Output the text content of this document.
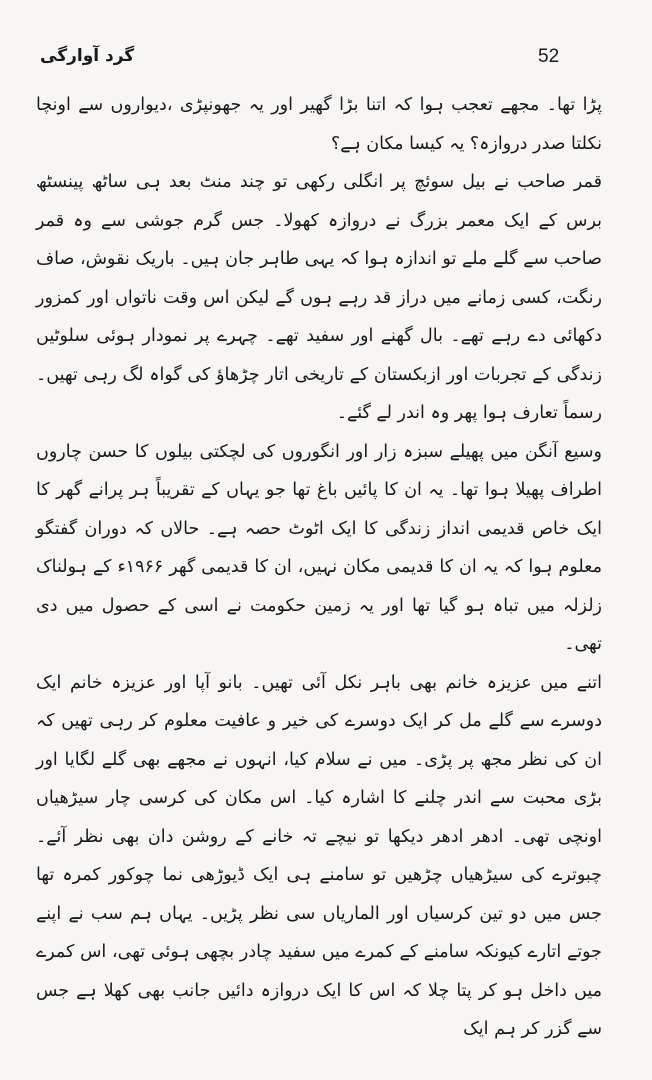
52
گرد آوارگی

پڑا تھا۔ مجھے تعجب ہوا کہ اتنا بڑا گھیر اور یہ جھونپڑی ،دیواروں سے اونچا نکلتا صدر دروازہ؟ یہ کیسا مکان ہے؟

قمر صاحب نے بیل سوئچ پر انگلی رکھی تو چند منٹ بعد ہی ساٹھ پینسٹھ برس کے ایک معمر بزرگ نے دروازہ کھولا۔ جس گرم جوشی سے وہ قمر صاحب سے گلے ملے تو اندازہ ہوا کہ یہی طاہر جان ہیں۔ باریک نقوش، صاف رنگت، کسی زمانے میں دراز قد رہے ہوں گے لیکن اس وقت ناتواں اور کمزور دکھائی دے رہے تھے۔ بال گھنے اور سفید تھے۔ چہرے پر نمودار ہوئی سلوٹیں زندگی کے تجربات اور ازبکستان کے تاریخی اتار چڑھاؤ کی گواہ لگ رہی تھیں۔ رسماً تعارف ہوا پھر وہ اندر لے گئے۔

وسیع آنگن میں پھیلے سبزہ زار اور انگوروں کی لچکتی بیلوں کا حسن چاروں اطراف پھیلا ہوا تھا۔ یہ ان کا پائیں باغ تھا جو یہاں کے تقریباً ہر پرانے گھر کا ایک خاص قدیمی انداز زندگی کا ایک اٹوٹ حصہ ہے۔ حالاں کہ دوران گفتگو معلوم ہوا کہ یہ ان کا قدیمی مکان نہیں، ان کا قدیمی گھر ۱۹۶۶ء کے ہولناک زلزلہ میں تباہ ہو گیا تھا اور یہ زمین حکومت نے اسی کے حصول میں دی تھی۔

اتنے میں عزیزہ خانم بھی باہر نکل آئی تھیں۔ بانو آپا اور عزیزہ خانم ایک دوسرے سے گلے مل کر ایک دوسرے کی خیر و عافیت معلوم کر رہی تھیں کہ ان کی نظر مجھ پر پڑی۔ میں نے سلام کیا، انہوں نے مجھے بھی گلے لگایا اور بڑی محبت سے اندر چلنے کا اشارہ کیا۔ اس مکان کی کرسی چار سیڑھیاں اونچی تھی۔ ادھر ادھر دیکھا تو نیچے تہ خانے کے روشن دان بھی نظر آئے۔ چبوترے کی سیڑھیاں چڑھیں تو سامنے ہی ایک ڈیوڑھی نما چوکور کمرہ تھا جس میں دو تین کرسیاں اور الماریاں سی نظر پڑیں۔ یہاں ہم سب نے اپنے جوتے اتارے کیونکہ سامنے کے کمرے میں سفید چادر بچھی ہوئی تھی، اس کمرے میں داخل ہو کر پتا چلا کہ اس کا ایک دروازہ دائیں جانب بھی کھلا ہے جس سے گزر کر ہم ایک
